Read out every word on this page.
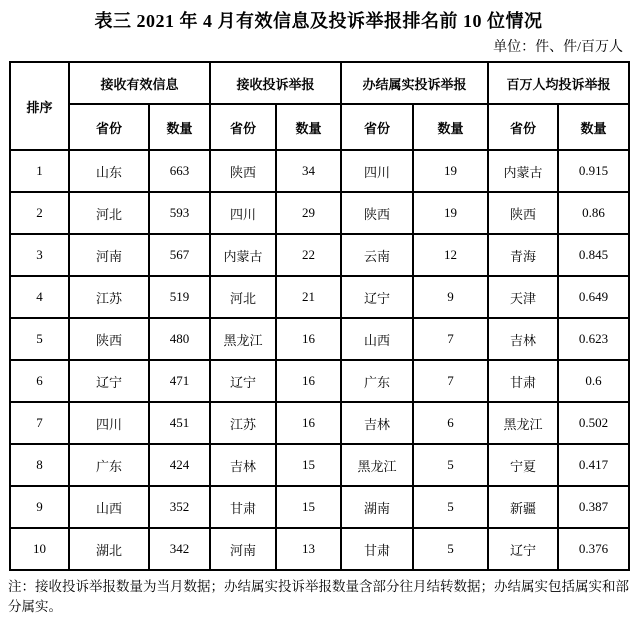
表三 2021 年 4 月有效信息及投诉举报排名前 10 位情况
单位：件、件/百万人
排序	接收有效信息		接收投诉举报		办结属实投诉举报		百万人均投诉举报	
	省份	数量	省份	数量	省份	数量	省份	数量
1	山东	663	陕西	34	四川	19	内蒙古	0.915
2	河北	593	四川	29	陕西	19	陕西	0.86
3	河南	567	内蒙古	22	云南	12	青海	0.845
4	江苏	519	河北	21	辽宁	9	天津	0.649
5	陕西	480	黑龙江	16	山西	7	吉林	0.623
6	辽宁	471	辽宁	16	广东	7	甘肃	0.6
7	四川	451	江苏	16	吉林	6	黑龙江	0.502
8	广东	424	吉林	15	黑龙江	5	宁夏	0.417
9	山西	352	甘肃	15	湖南	5	新疆	0.387
10	湖北	342	河南	13	甘肃	5	辽宁	0.376
注：接收投诉举报数量为当月数据；办结属实投诉举报数量含部分往月结转数据；办结属实包括属实和部分属实。
